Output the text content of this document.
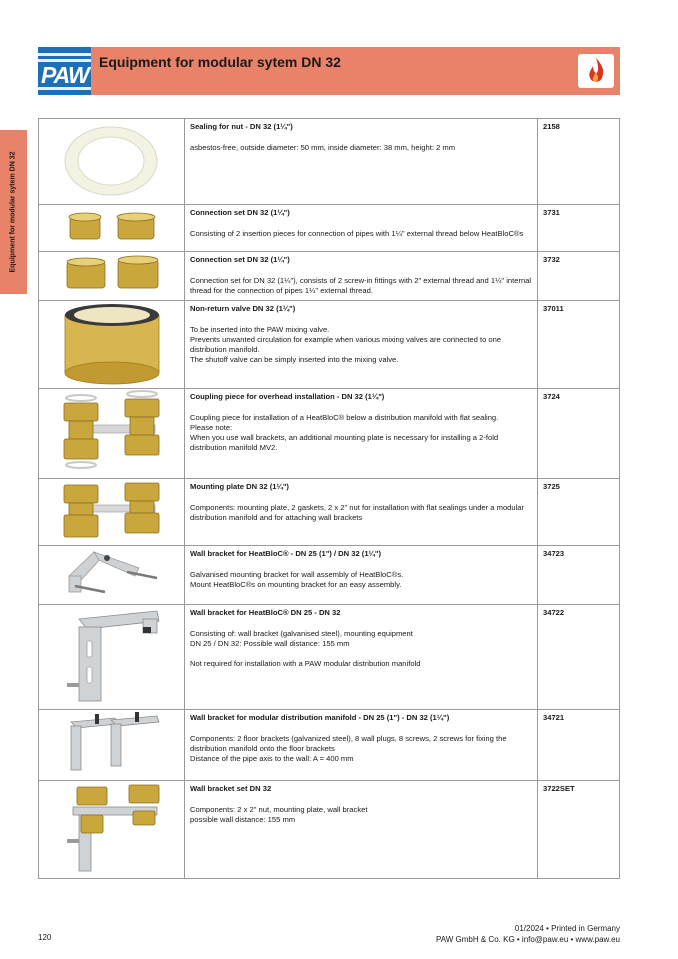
PAW Equipment for modular sytem DN 32
Equipment for modular sytem DN 32

Sealing for nut - DN 32 (1¼")
asbestos-free, outside diameter: 50 mm, inside diameter: 38 mm, height: 2 mm	2158

Connection set DN 32 (1¼")
Consisting of 2 insertion pieces for connection of pipes with 1¼" external thread below HeatBloC®s	3731

Connection set DN 32 (1¼")
Connection set for DN 32 (1¼"), consists of 2 screw-in fittings with 2" external thread and 1¼" internal thread for the connection of pipes 1¼" external thread.	3732

Non-return valve DN 32 (1¼")
To be inserted into the PAW mixing valve.
Prevents unwanted circulation for example when various mixing valves are connected to one distribution manifold.
The shutoff valve can be simply inserted into the mixing valve.	37011

Coupling piece for overhead installation - DN 32 (1¼")
Coupling piece for installation of a HeatBloC® below a distribution manifold with flat sealing.
Please note:
When you use wall brackets, an additional mounting plate is necessary for installing a 2-fold distribution manifold MV2.	3724

Mounting plate DN 32 (1¼")
Components: mounting plate, 2 gaskets, 2 x 2" nut for installation with flat sealings under a modular distribution manifold and for attaching wall brackets	3725

Wall bracket for HeatBloC® - DN 25 (1") / DN 32 (1¼")
Galvanised mounting bracket for wall assembly of HeatBloC®s.
Mount HeatBloC®s on mounting bracket for an easy assembly.	34723

Wall bracket for HeatBloC® DN 25 - DN 32
Consisting of: wall bracket (galvanised steel), mounting equipment
DN 25 / DN 32: Possible wall distance: 155 mm
Not required for installation with a PAW modular distribution manifold	34722

Wall bracket for modular distribution manifold - DN 25 (1") - DN 32 (1¼")
Components: 2 floor brackets (galvanized steel), 8 wall plugs, 8 screws, 2 screws for fixing the distribution manifold onto the floor brackets
Distance of the pipe axis to the wall: A = 400 mm	34721

Wall bracket set DN 32
Components: 2 x 2" nut, mounting plate, wall bracket
possible wall distance: 155 mm	3722SET
120
01/2024 • Printed in Germany
PAW GmbH & Co. KG • info@paw.eu • www.paw.eu
